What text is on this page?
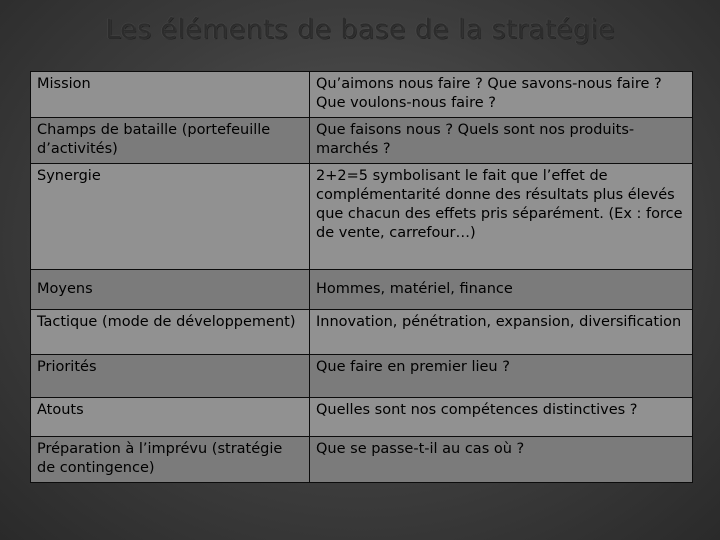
Les éléments de base de la stratégie
Mission	Qu’aimons nous faire ? Que savons-nous faire ? Que voulons-nous faire ?
Champs de bataille (portefeuille d’activités)	Que faisons nous ? Quels sont nos produits-marchés ?
Synergie	2+2=5 symbolisant le fait que l’effet de complémentarité donne des résultats plus élevés que chacun des effets pris séparément. (Ex : force de vente, carrefour…)
Moyens	Hommes, matériel, finance
Tactique (mode de développement)	Innovation, pénétration, expansion, diversification
Priorités	Que faire en premier lieu ?
Atouts	Quelles sont nos compétences distinctives ?
Préparation à l’imprévu (stratégie de contingence)	Que se passe-t-il au cas où ?
